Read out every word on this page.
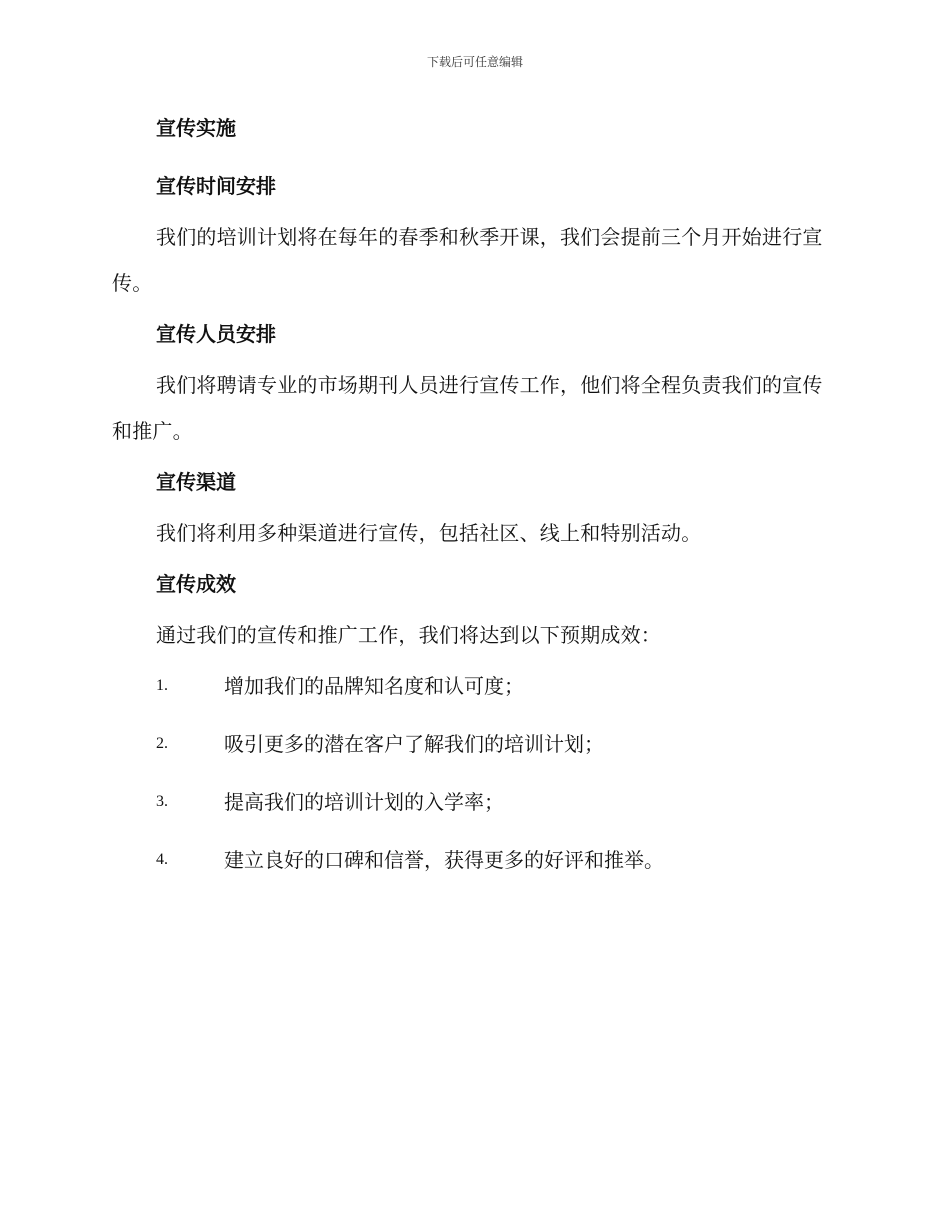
下载后可任意编辑
宣传实施
宣传时间安排

我们的培训计划将在每年的春季和秋季开课，我们会提前三个月开始进行宣传。

宣传人员安排

我们将聘请专业的市场期刊人员进行宣传工作，他们将全程负责我们的宣传和推广。

宣传渠道

我们将利用多种渠道进行宣传，包括社区、线上和特别活动。

宣传成效

通过我们的宣传和推广工作，我们将达到以下预期成效：

1.	增加我们的品牌知名度和认可度；
2.	吸引更多的潜在客户了解我们的培训计划；
3.	提高我们的培训计划的入学率；
4.	建立良好的口碑和信誉，获得更多的好评和推举。
